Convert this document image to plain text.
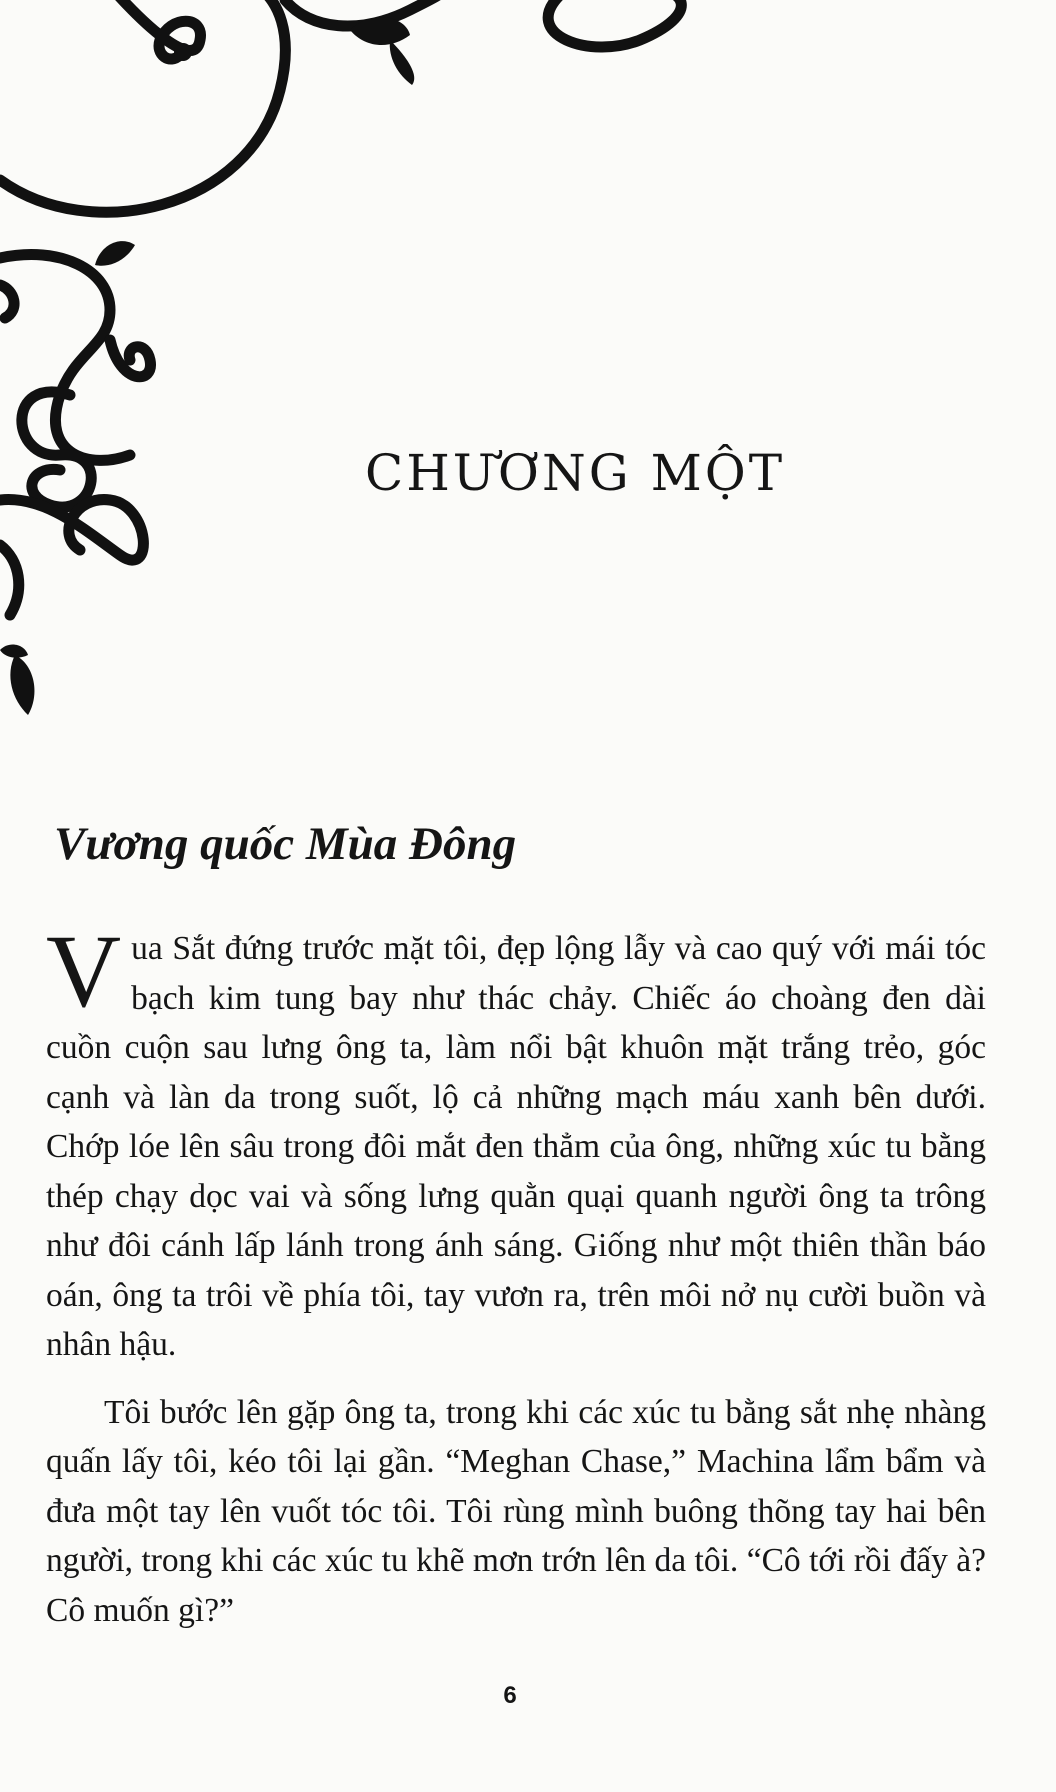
CHƯƠNG MỘT
Vương quốc Mùa Đông

Vua Sắt đứng trước mặt tôi, đẹp lộng lẫy và cao quý với mái tóc bạch kim tung bay như thác chảy. Chiếc áo choàng đen dài cuồn cuộn sau lưng ông ta, làm nổi bật khuôn mặt trắng trẻo, góc cạnh và làn da trong suốt, lộ cả những mạch máu xanh bên dưới. Chớp lóe lên sâu trong đôi mắt đen thẳm của ông, những xúc tu bằng thép chạy dọc vai và sống lưng quằn quại quanh người ông ta trông như đôi cánh lấp lánh trong ánh sáng. Giống như một thiên thần báo oán, ông ta trôi về phía tôi, tay vươn ra, trên môi nở nụ cười buồn và nhân hậu.

Tôi bước lên gặp ông ta, trong khi các xúc tu bằng sắt nhẹ nhàng quấn lấy tôi, kéo tôi lại gần. “Meghan Chase,” Machina lẩm bẩm và đưa một tay lên vuốt tóc tôi. Tôi rùng mình buông thõng tay hai bên người, trong khi các xúc tu khẽ mơn trớn lên da tôi. “Cô tới rồi đấy à? Cô muốn gì?”

6
